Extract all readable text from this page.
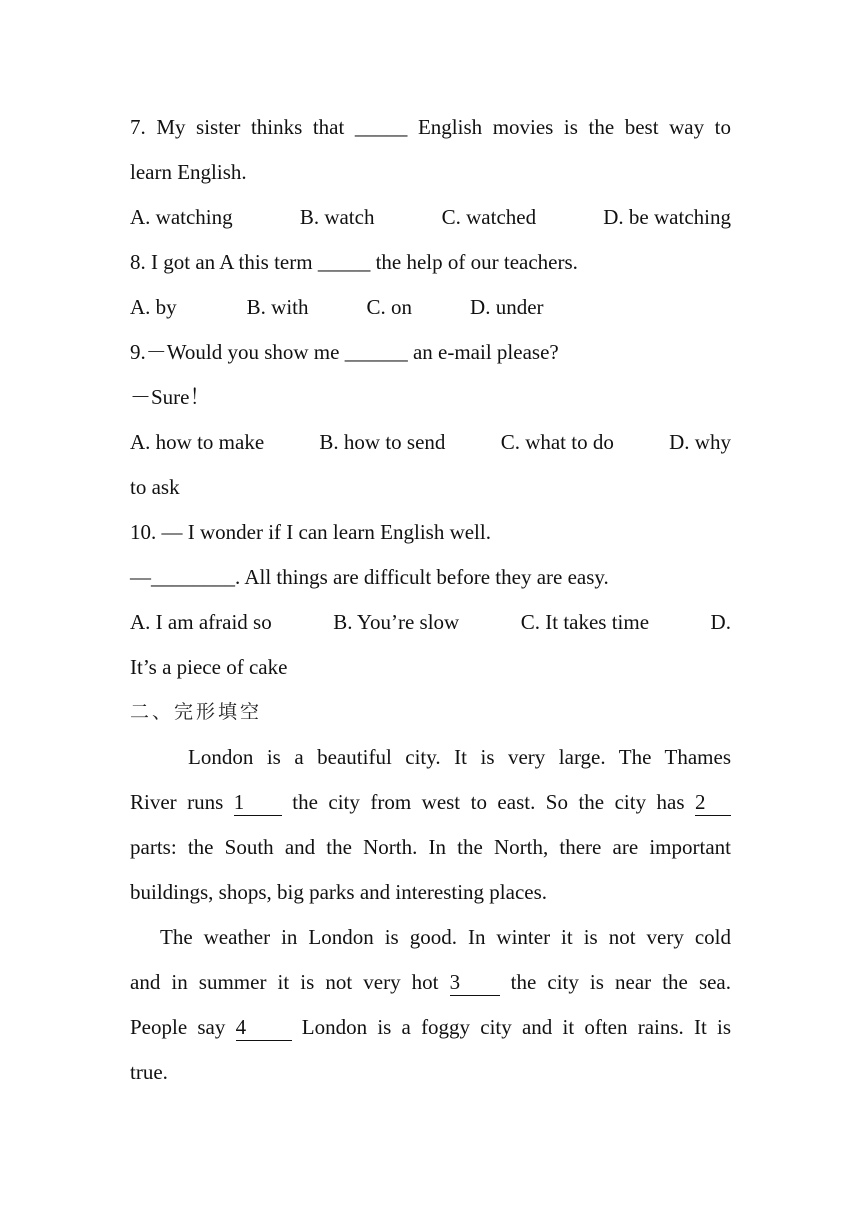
7. My sister thinks that _____ English movies is the best way to
learn English.
A. watching	B. watch	C. watched	D. be watching
8. I got an A this term _____ the help of our teachers.
A. by	B. with	C. on	D. under
9.－Would you show me ______ an e-mail please?
－Sure！
A. how to make	B. how to send	C. what to do	D. why
to ask
10. — I wonder if I can learn English well.
—________. All things are difficult before they are easy.
A. I am afraid so	B. You’re slow	C. It takes time	D.
It’s a piece of cake
二、完形填空
London is a beautiful city. It is very large. The Thames
River runs 1 the city from west to east. So the city has 2
parts: the South and the North. In the North, there are important
buildings, shops, big parks and interesting places.
The weather in London is good. In winter it is not very cold
and in summer it is not very hot 3 the city is near the sea.
People say 4	London is a foggy city and it often rains. It is
true.
